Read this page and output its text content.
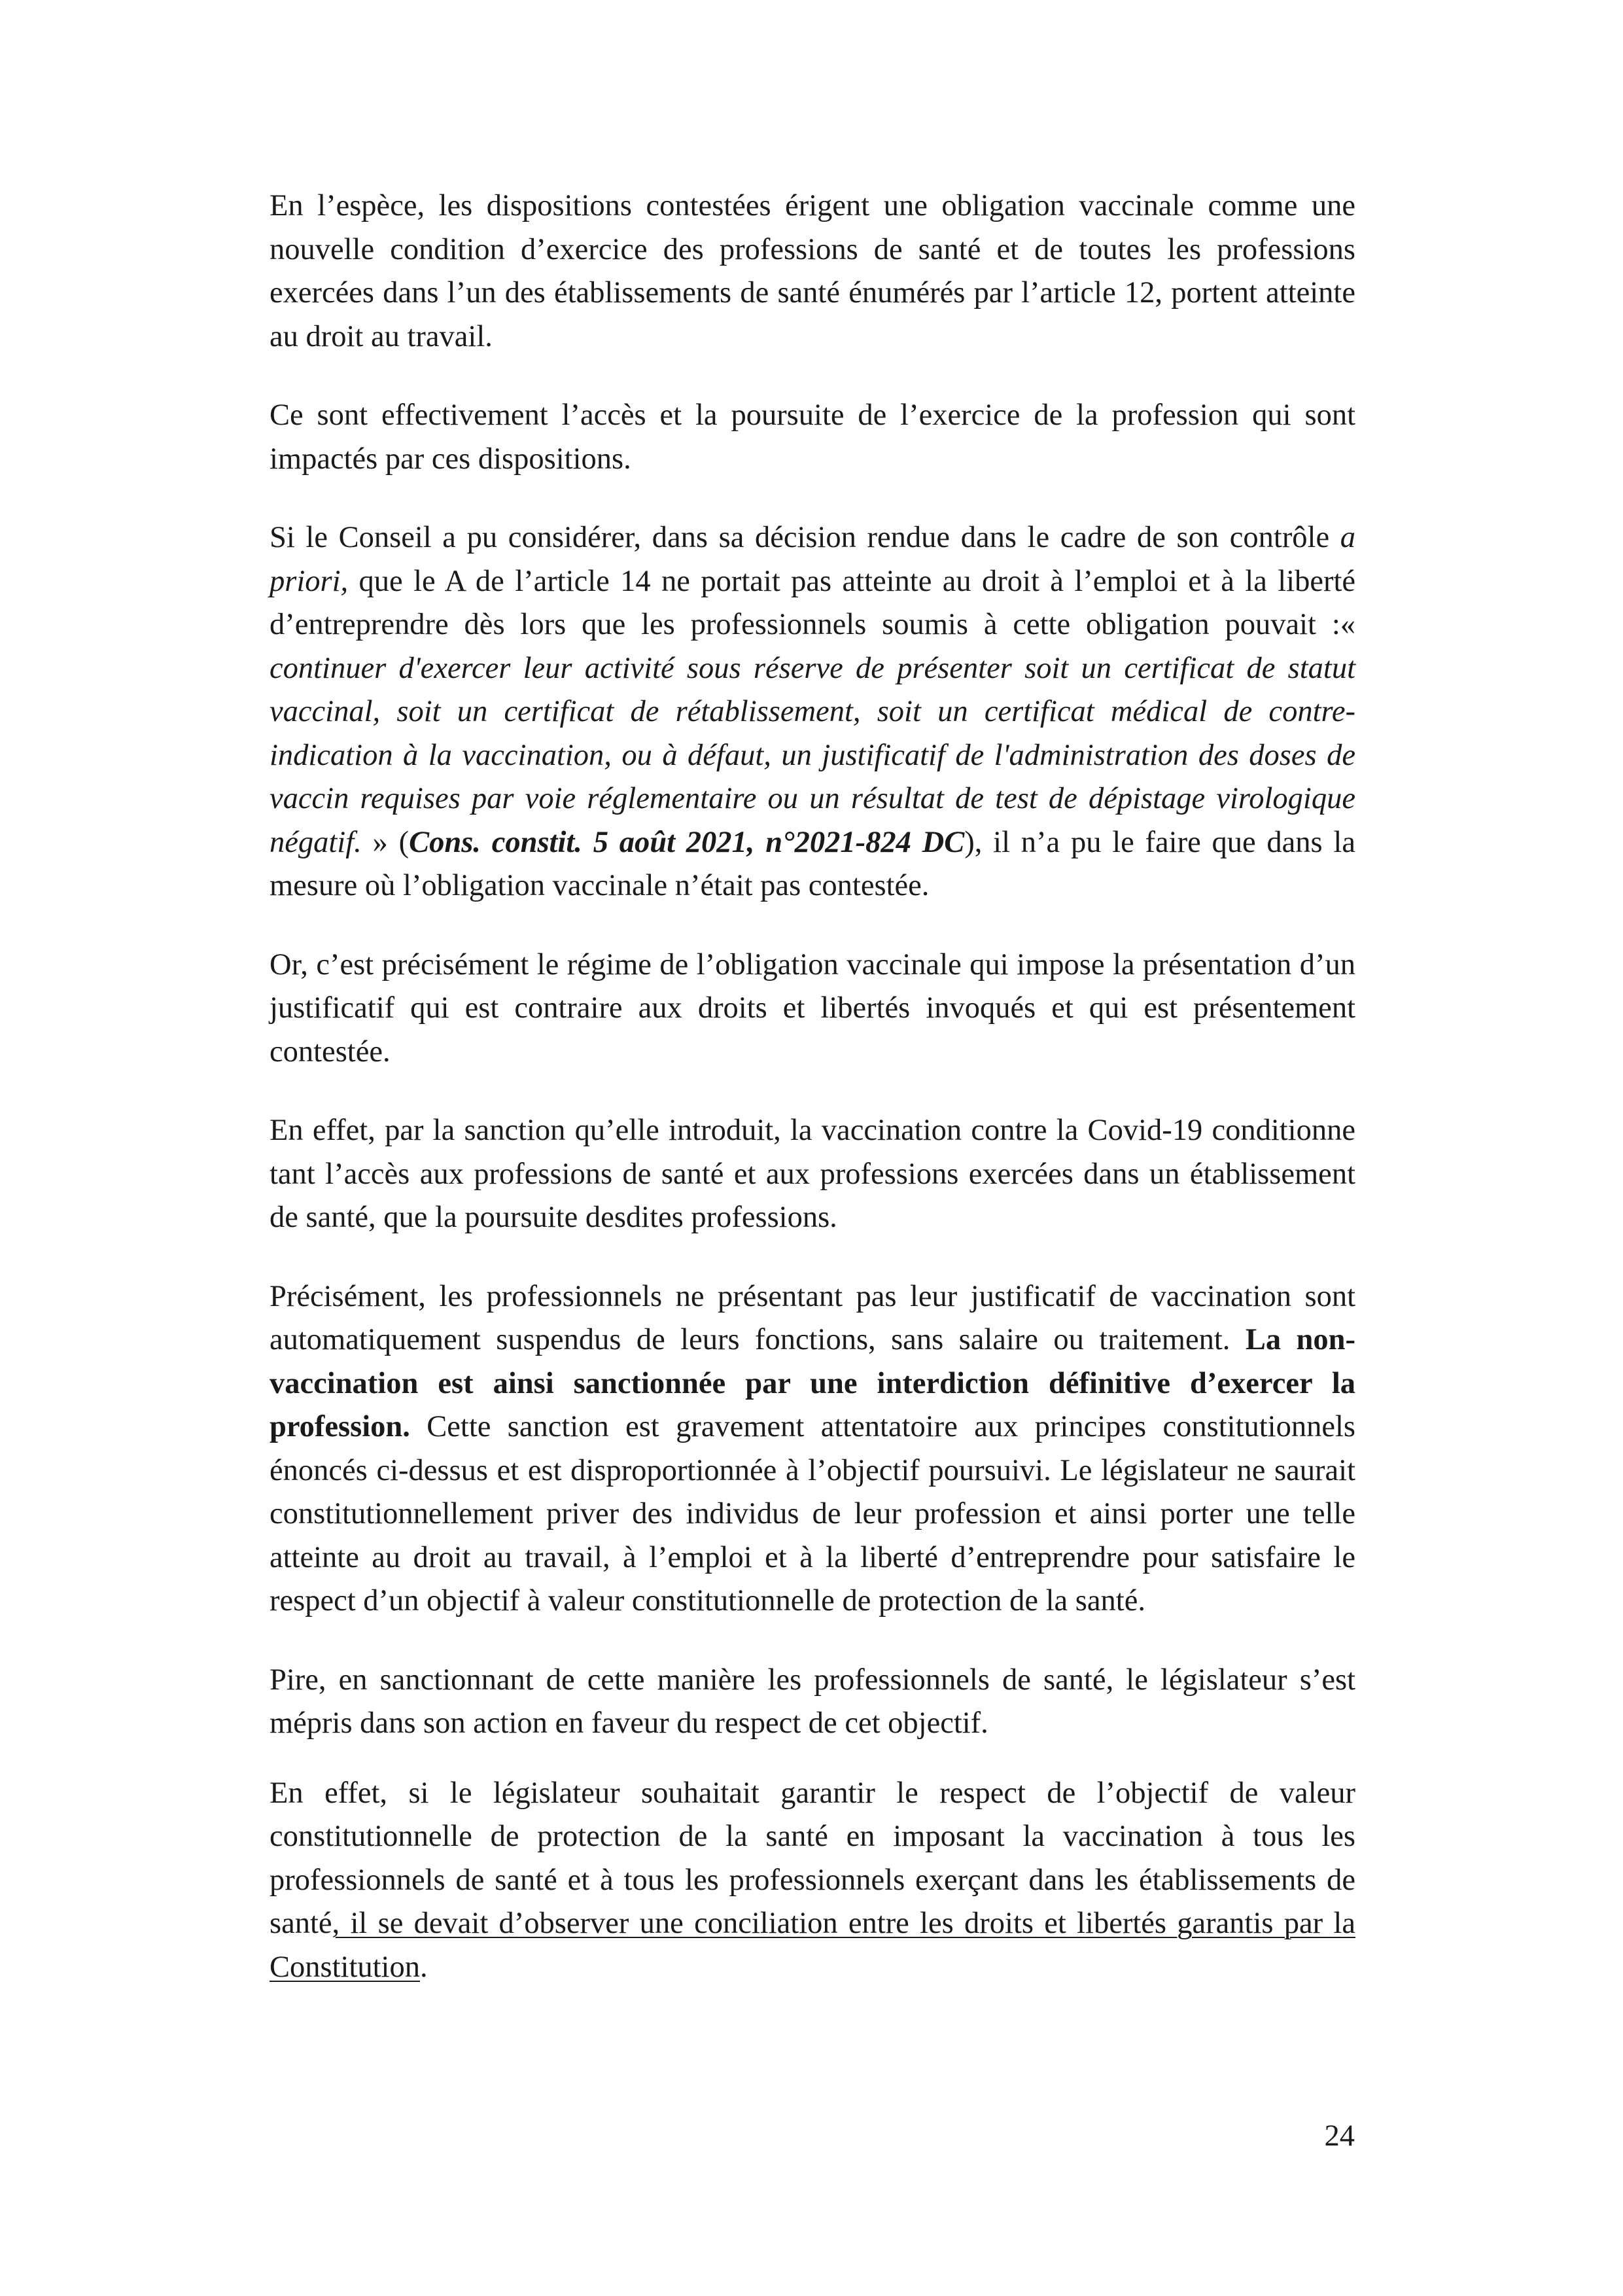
En l’espèce, les dispositions contestées érigent une obligation vaccinale comme une nouvelle condition d’exercice des professions de santé et de toutes les professions exercées dans l’un des établissements de santé énumérés par l’article 12, portent atteinte au droit au travail.

Ce sont effectivement l’accès et la poursuite de l’exercice de la profession qui sont impactés par ces dispositions.

Si le Conseil a pu considérer, dans sa décision rendue dans le cadre de son contrôle a priori, que le A de l’article 14 ne portait pas atteinte au droit à l’emploi et à la liberté d’entreprendre dès lors que les professionnels soumis à cette obligation pouvait :« continuer d'exercer leur activité sous réserve de présenter soit un certificat de statut vaccinal, soit un certificat de rétablissement, soit un certificat médical de contre-indication à la vaccination, ou à défaut, un justificatif de l'administration des doses de vaccin requises par voie réglementaire ou un résultat de test de dépistage virologique négatif. » (Cons. constit. 5 août 2021, n°2021-824 DC), il n’a pu le faire que dans la mesure où l’obligation vaccinale n’était pas contestée.

Or, c’est précisément le régime de l’obligation vaccinale qui impose la présentation d’un justificatif qui est contraire aux droits et libertés invoqués et qui est présentement contestée.

En effet, par la sanction qu’elle introduit, la vaccination contre la Covid-19 conditionne tant l’accès aux professions de santé et aux professions exercées dans un établissement de santé, que la poursuite desdites professions.

Précisément, les professionnels ne présentant pas leur justificatif de vaccination sont automatiquement suspendus de leurs fonctions, sans salaire ou traitement. La non-vaccination est ainsi sanctionnée par une interdiction définitive d’exercer la profession. Cette sanction est gravement attentatoire aux principes constitutionnels énoncés ci-dessus et est disproportionnée à l’objectif poursuivi. Le législateur ne saurait constitutionnellement priver des individus de leur profession et ainsi porter une telle atteinte au droit au travail, à l’emploi et à la liberté d’entreprendre pour satisfaire le respect d’un objectif à valeur constitutionnelle de protection de la santé.

Pire, en sanctionnant de cette manière les professionnels de santé, le législateur s’est mépris dans son action en faveur du respect de cet objectif.

En effet, si le législateur souhaitait garantir le respect de l’objectif de valeur constitutionnelle de protection de la santé en imposant la vaccination à tous les professionnels de santé et à tous les professionnels exerçant dans les établissements de santé, il se devait d’observer une conciliation entre les droits et libertés garantis par la Constitution.

24
